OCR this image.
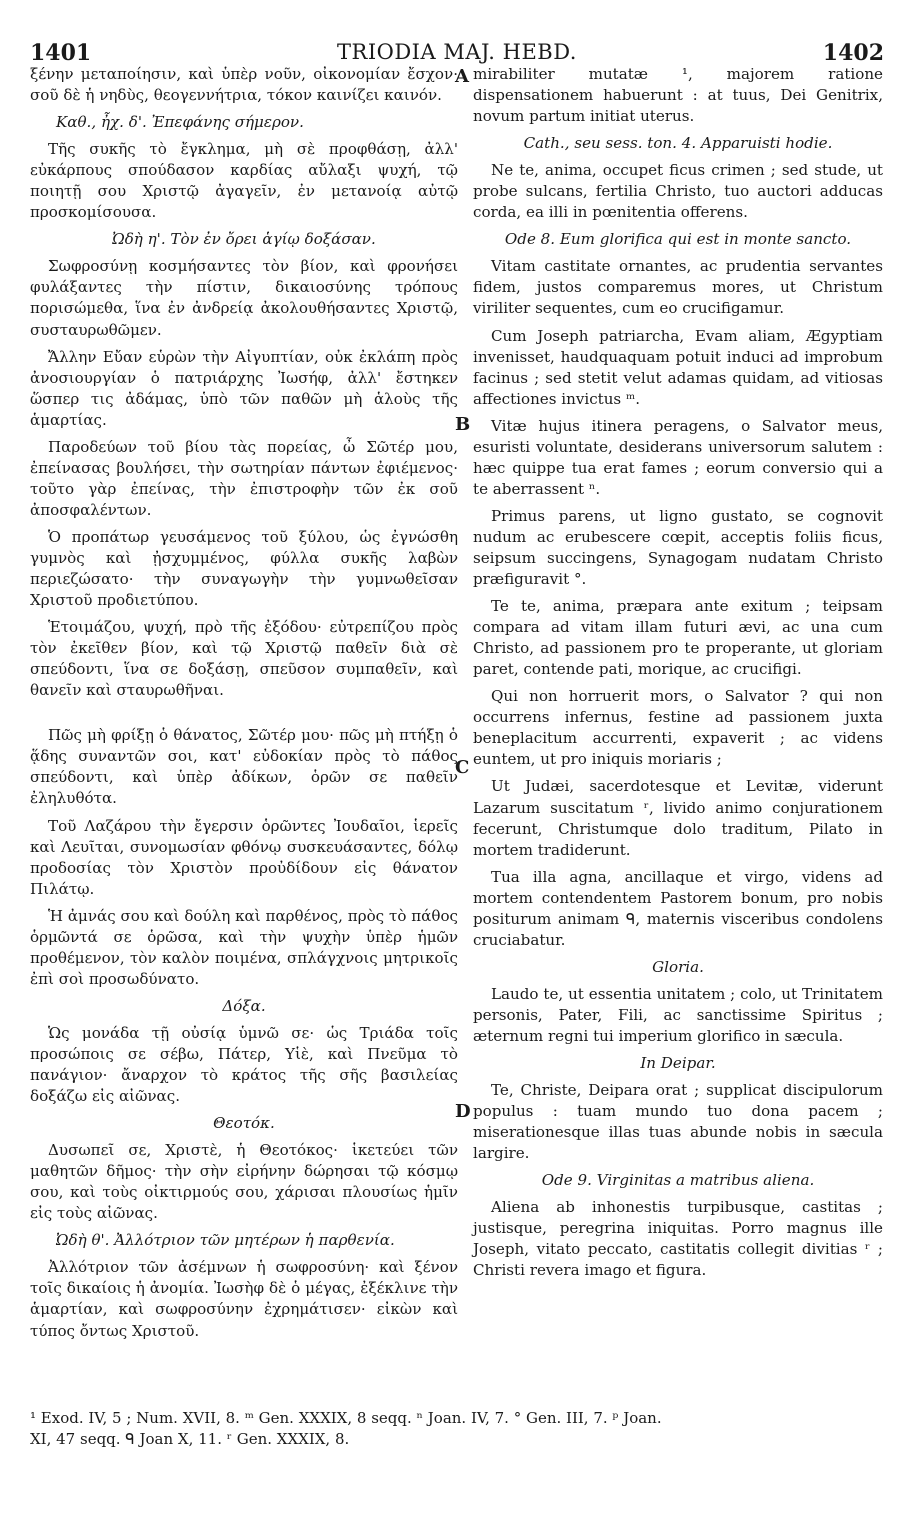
1401	TRIODIA MAJ. HEBD.	1402

ξένην μεταποίησιν, καὶ ὑπὲρ νοῦν, οἰκονομίαν ἔσχον· σοῦ δὲ ἡ νηδὺς, θεογεννήτρια, τόκον καινίζει καινόν.

Καθ., ἦχ. δ'. Ἐπεφάνης σήμερον.

Τῆς συκῆς τὸ ἔγκλημα, μὴ σὲ προφθάσῃ, ἀλλ' εὐκάρπους σπούδασον καρδίας αὔλαξι ψυχή, τῷ ποιητῇ σου Χριστῷ ἀγαγεῖν, ἐν μετανοίᾳ αὐτῷ προσκομίσουσα.

Ὠδὴ η'. Τὸν ἐν ὄρει ἁγίῳ δοξάσαν.

Σωφροσύνῃ κοσμήσαντες τὸν βίον, καὶ φρονήσει φυλάξαντες τὴν πίστιν, δικαιοσύνης τρόπους πορισώμεθα, ἵνα ἐν ἀνδρείᾳ ἀκολουθήσαντες Χριστῷ, συσταυρωθῶμεν.

Ἄλλην Εὔαν εὑρὼν τὴν Αἰγυπτίαν, οὐκ ἐκλάπη πρὸς ἀνοσιουργίαν ὁ πατριάρχης Ἰωσήφ, ἀλλ' ἔστηκεν ὥσπερ τις ἀδάμας, ὑπὸ τῶν παθῶν μὴ ἁλοὺς τῆς ἁμαρτίας.

Παροδεύων τοῦ βίου τὰς πορείας, ὦ Σῶτέρ μου, ἐπείνασας βουλήσει, τὴν σωτηρίαν πάντων ἐφιέμενος· τοῦτο γὰρ ἐπείνας, τὴν ἐπιστροφὴν τῶν ἐκ σοῦ ἀποσφαλέντων.

Ὁ προπάτωρ γευσάμενος τοῦ ξύλου, ὡς ἐγνώσθη γυμνὸς καὶ ᾐσχυμμένος, φύλλα συκῆς λαβὼν περιεζώσατο· τὴν συναγωγὴν τὴν γυμνωθεῖσαν Χριστοῦ προδιετύπου.

Ἑτοιμάζου, ψυχή, πρὸ τῆς ἐξόδου· εὐτρεπίζου πρὸς τὸν ἐκεῖθεν βίον, καὶ τῷ Χριστῷ παθεῖν διὰ σὲ σπεύδοντι, ἵνα σε δοξάσῃ, σπεῦσον συμπαθεῖν, καὶ θανεῖν καὶ σταυρωθῆναι.

Πῶς μὴ φρίξῃ ὁ θάνατος, Σῶτέρ μου· πῶς μὴ πτήξῃ ὁ ᾅδης συναντῶν σοι, κατ' εὐδοκίαν πρὸς τὸ πάθος σπεύδοντι, καὶ ὑπὲρ ἀδίκων, ὁρῶν σε παθεῖν ἐληλυθότα.

Τοῦ Λαζάρου τὴν ἔγερσιν ὁρῶντες Ἰουδαῖοι, ἱερεῖς καὶ Λευῖται, συνομωσίαν φθόνῳ συσκευάσαντες, δόλῳ προδοσίας τὸν Χριστὸν προὐδίδουν εἰς θάνατον Πιλάτῳ.

Ἡ ἀμνάς σου καὶ δούλη καὶ παρθένος, πρὸς τὸ πάθος ὁρμῶντά σε ὁρῶσα, καὶ τὴν ψυχὴν ὑπὲρ ἡμῶν προθέμενον, τὸν καλὸν ποιμένα, σπλάγχνοις μητρικοῖς ἐπὶ σοὶ προσωδύνατο.

Δόξα.

Ὡς μονάδα τῇ οὐσίᾳ ὑμνῶ σε· ὡς Τριάδα τοῖς προσώποις σε σέβω, Πάτερ, Υἱὲ, καὶ Πνεῦμα τὸ πανάγιον· ἄναρχον τὸ κράτος τῆς σῆς βασιλείας δοξάζω εἰς αἰῶνας.

Θεοτόκ.

Δυσωπεῖ σε, Χριστὲ, ἡ Θεοτόκος· ἱκετεύει τῶν μαθητῶν δῆμος· τὴν σὴν εἰρήνην δώρησαι τῷ κόσμῳ σου, καὶ τοὺς οἰκτιρμούς σου, χάρισαι πλουσίως ἡμῖν εἰς τοὺς αἰῶνας.

Ὠδὴ θ'. Ἀλλότριον τῶν μητέρων ἡ παρθενία.

Ἀλλότριον τῶν ἀσέμνων ἡ σωφροσύνη· καὶ ξένον τοῖς δικαίοις ἡ ἀνομία. Ἰωσὴφ δὲ ὁ μέγας, ἐξέκλινε τὴν ἁμαρτίαν, καὶ σωφροσύνην ἐχρημάτισεν· εἰκὼν καὶ τύπος ὄντως Χριστοῦ.

mirabiliter mutatæ ¹, majorem ratione dispensationem habuerunt : at tuus, Dei Genitrix, novum partum initiat uterus.

Cath., seu sess. ton. 4. Apparuisti hodie.

Ne te, anima, occupet ficus crimen ; sed stude, ut probe sulcans, fertilia Christo, tuo auctori adducas corda, ea illi in pœnitentia offerens.

Ode 8. Eum glorifica qui est in monte sancto.

Vitam castitate ornantes, ac prudentia servantes fidem, justos comparemus mores, ut Christum viriliter sequentes, cum eo crucifigamur.

Cum Joseph patriarcha, Evam aliam, Ægyptiam invenisset, haudquaquam potuit induci ad improbum facinus ; sed stetit velut adamas quidam, ad vitiosas affectiones invictus ᵐ.

Vitæ hujus itinera peragens, o Salvator meus, esuristi voluntate, desiderans universorum salutem : hæc quippe tua erat fames ; eorum conversio qui a te aberrassent ⁿ.

Primus parens, ut ligno gustato, se cognovit nudum ac erubescere cœpit, acceptis foliis ficus, seipsum succingens, Synagogam nudatam Christo præfiguravit °.

Te te, anima, præpara ante exitum ; teipsam compara ad vitam illam futuri ævi, ac una cum Christo, ad passionem pro te properante, ut gloriam paret, contende pati, morique, ac crucifigi.

Qui non horruerit mors, o Salvator ? qui non occurrens infernus, festine ad passionem juxta beneplacitum accurrenti, expaverit ; ac videns euntem, ut pro iniquis moriaris ;

Ut Judæi, sacerdotesque et Levitæ, viderunt Lazarum suscitatum ʳ, livido animo conjurationem fecerunt, Christumque dolo traditum, Pilato in mortem tradiderunt.

Tua illa agna, ancillaque et virgo, videns ad mortem contendentem Pastorem bonum, pro nobis positurum animam ᑫ, maternis visceribus condolens cruciabatur.

Gloria.

Laudo te, ut essentia unitatem ; colo, ut Trinitatem personis, Pater, Fili, ac sanctissime Spiritus ; æternum regni tui imperium glorifico in sæcula.

In Deipar.

Te, Christe, Deipara orat ; supplicat discipulorum populus : tuam mundo tuo dona pacem ; miserationesque illas tuas abunde nobis in sæcula largire.

Ode 9. Virginitas a matribus aliena.

Aliena ab inhonestis turpibusque, castitas ; justisque, peregrina iniquitas. Porro magnus ille Joseph, vitato peccato, castitatis collegit divitias ʳ ; Christi revera imago et figura.

A
B
C
D
¹ Exod. IV, 5 ; Num. XVII, 8. ᵐ Gen. XXXIX, 8 seqq. ⁿ Joan. IV, 7. ° Gen. III, 7. ᵖ Joan.
XI, 47 seqq. ᑫ Joan X, 11. ʳ Gen. XXXIX, 8.
